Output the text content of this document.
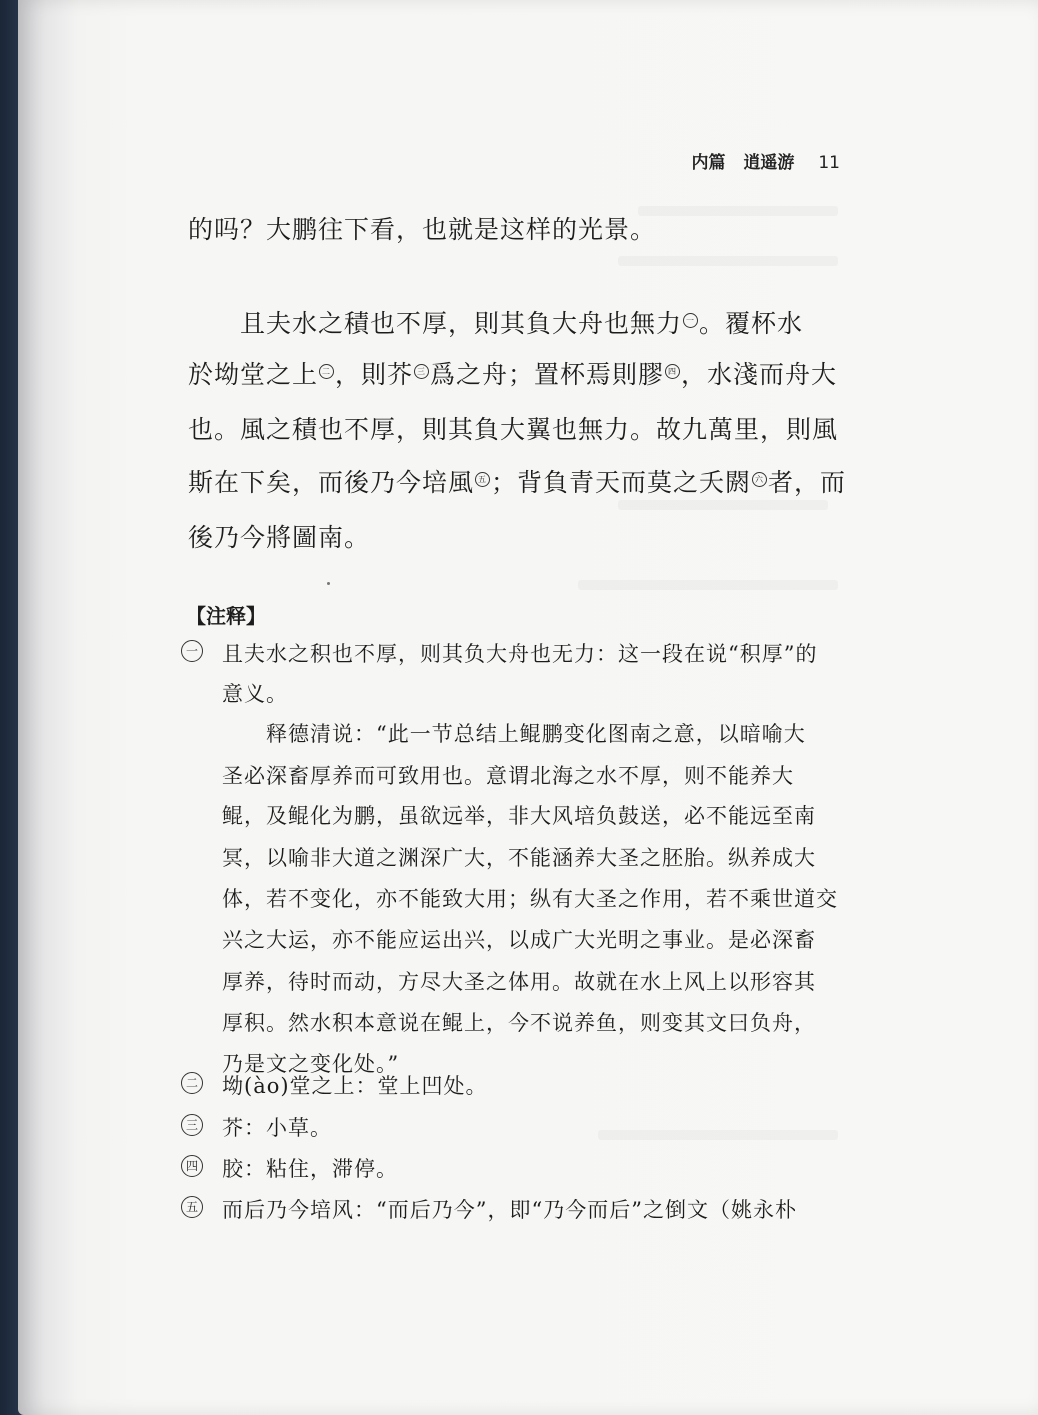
内篇 逍遥游 11
的吗？大鹏往下看，也就是这样的光景。
且夫水之積也不厚，則其負大舟也無力 一 。覆杯水
於坳堂之上 二 ，則芥 三 爲之舟；置杯焉則膠 四 ，水淺而舟大
也。風之積也不厚，則其負大翼也無力。故九萬里，則風
斯在下矣，而後乃今培風 五 ；背負青天而莫之夭閼 六 者，而
後乃今將圖南。
【注释】
一 且夫水之积也不厚，则其负大舟也无力：这一段在说“积厚”的
意义。
释德清说：“此一节总结上鲲鹏变化图南之意，以暗喻大
圣必深畜厚养而可致用也。意谓北海之水不厚，则不能养大
鲲，及鲲化为鹏，虽欲远举，非大风培负鼓送，必不能远至南
冥，以喻非大道之渊深广大，不能涵养大圣之胚胎。纵养成大
体，若不变化，亦不能致大用；纵有大圣之作用，若不乘世道交
兴之大运，亦不能应运出兴，以成广大光明之事业。是必深畜
厚养，待时而动，方尽大圣之体用。故就在水上风上以形容其
厚积。然水积本意说在鲲上，今不说养鱼，则变其文曰负舟，
乃是文之变化处。”
二 坳(ào)堂之上：堂上凹处。
三 芥：小草。
四 胶：粘住，滞停。
五 而后乃今培风：“而后乃今”，即“乃今而后”之倒文（姚永朴
